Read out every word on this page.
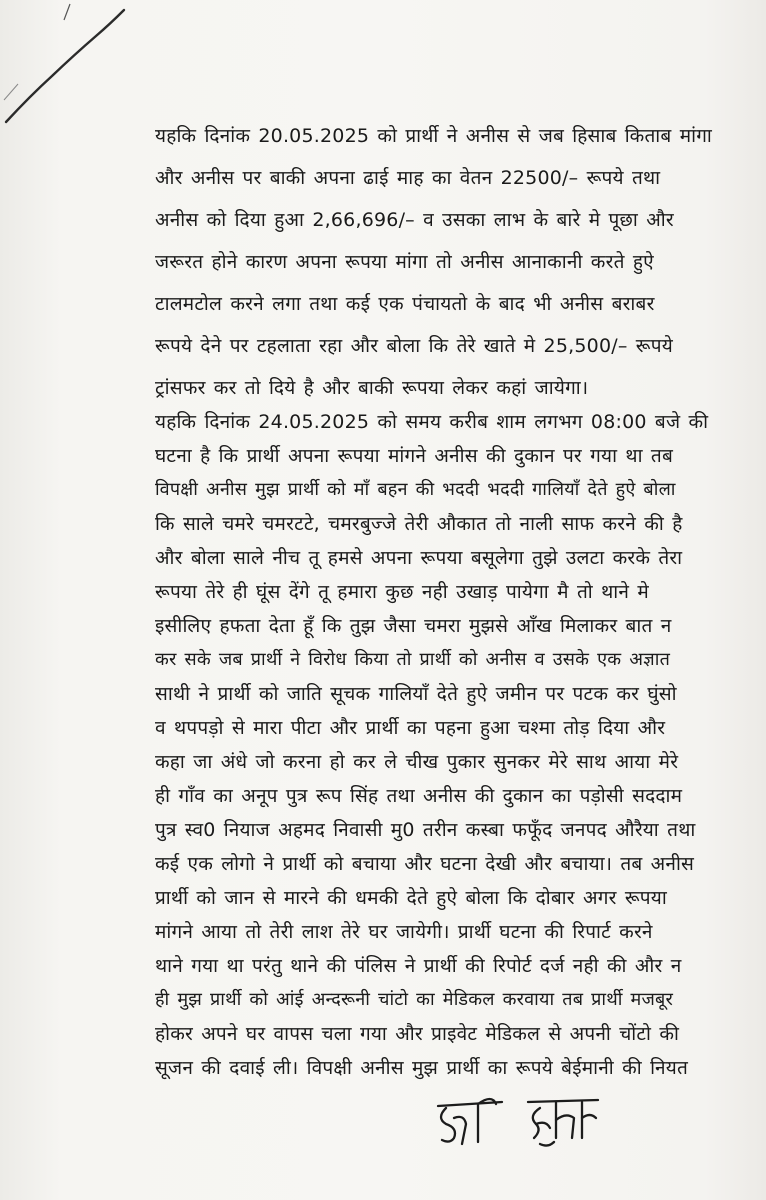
यहकि दिनांक 20.05.2025 को प्रार्थी ने अनीस से जब हिसाब किताब मांगा
और अनीस पर बाकी अपना ढाई माह का वेतन 22500/– रूपये तथा
अनीस को दिया हुआ 2,66,696/– व उसका लाभ के बारे मे पूछा और
जरूरत होने कारण अपना रूपया मांगा तो अनीस आनाकानी करते हुऐ
टालमटोल करने लगा तथा कई एक पंचायतो के बाद भी अनीस बराबर
रूपये देने पर टहलाता रहा और बोला कि तेरे खाते मे 25,500/– रूपये
ट्रांसफर कर तो दिये है और बाकी रूपया लेकर कहां जायेगा।
यहकि दिनांक 24.05.2025 को समय करीब शाम लगभग 08:00 बजे की
घटना है कि प्रार्थी अपना रूपया मांगने अनीस की दुकान पर गया था तब
विपक्षी अनीस मुझ प्रार्थी को माँ बहन की भददी भददी गालियाँ देते हुऐ बोला
कि साले चमरे चमरटटे, चमरबुज्जे तेरी औकात तो नाली साफ करने की है
और बोला साले नीच तू हमसे अपना रूपया बसूलेगा तुझे उलटा करके तेरा
रूपया तेरे ही घूंस देंगे तू हमारा कुछ नही उखाड़ पायेगा मै तो थाने मे
इसीलिए हफता देता हूँ कि तुझ जैसा चमरा मुझसे आँख मिलाकर बात न
कर सके जब प्रार्थी ने विरोध किया तो प्रार्थी को अनीस व उसके एक अज्ञात
साथी ने प्रार्थी को जाति सूचक गालियाँ देते हुऐ जमीन पर पटक कर घुंसो
व थपपड़ो से मारा पीटा और प्रार्थी का पहना हुआ चश्मा तोड़ दिया और
कहा जा अंधे जो करना हो कर ले चीख पुकार सुनकर मेरे साथ आया मेरे
ही गाँव का अनूप पुत्र रूप सिंह तथा अनीस की दुकान का पड़ोसी सददाम
पुत्र स्व0 नियाज अहमद निवासी मु0 तरीन कस्बा फफूँद जनपद औरैया तथा
कई एक लोगो ने प्रार्थी को बचाया और घटना देखी और बचाया। तब अनीस
प्रार्थी को जान से मारने की धमकी देते हुऐ बोला कि दोबार अगर रूपया
मांगने आया तो तेरी लाश तेरे घर जायेगी। प्रार्थी घटना की रिपार्ट करने
थाने गया था परंतु थाने की पंलिस ने प्रार्थी की रिपोर्ट दर्ज नही की और न
ही मुझ प्रार्थी को आंई अन्दरूनी चांटो का मेडिकल करवाया तब प्रार्थी मजबूर
होकर अपने घर वापस चला गया और प्राइवेट मेडिकल से अपनी चोंटो की
सूजन की दवाई ली। विपक्षी अनीस मुझ प्रार्थी का रूपये बेईमानी की नियत
